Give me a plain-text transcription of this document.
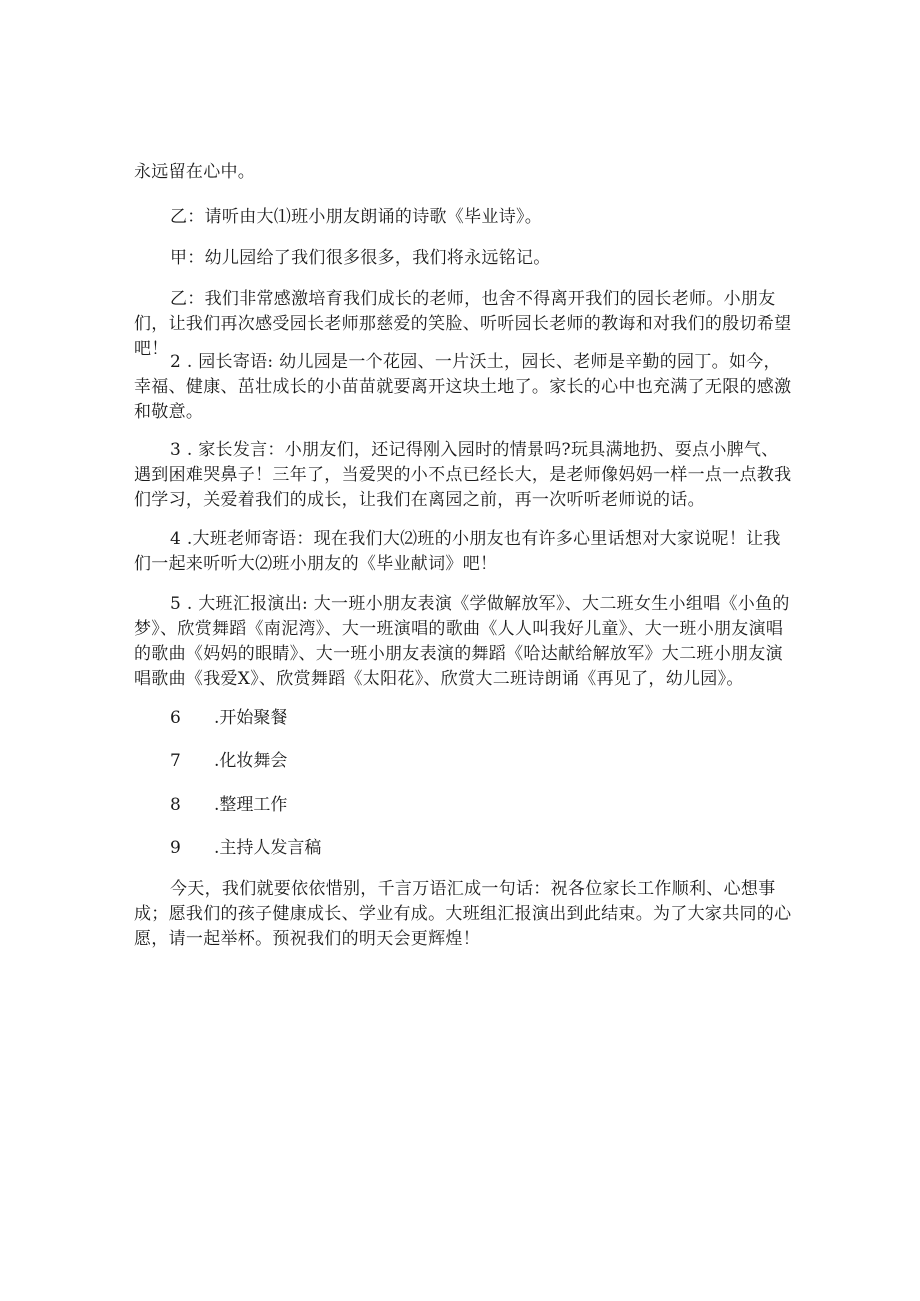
永远留在心中。

乙：请听由大⑴班小朋友朗诵的诗歌《毕业诗》。

甲：幼儿园给了我们很多很多，我们将永远铭记。

乙：我们非常感激培育我们成长的老师，也舍不得离开我们的园长老师。小朋友们，让我们再次感受园长老师那慈爱的笑脸、听听园长老师的教诲和对我们的殷切希望吧！

2 . 园长寄语: 幼儿园是一个花园、一片沃土，园长、老师是辛勤的园丁。如今，幸福、健康、茁壮成长的小苗苗就要离开这块土地了。家长的心中也充满了无限的感激和敬意。

3 . 家长发言：小朋友们，还记得刚入园时的情景吗?玩具满地扔、耍点小脾气、遇到困难哭鼻子！三年了，当爱哭的小不点已经长大，是老师像妈妈一样一点一点教我们学习，关爱着我们的成长，让我们在离园之前，再一次听听老师说的话。

4 .大班老师寄语：现在我们大⑵班的小朋友也有许多心里话想对大家说呢！让我们一起来听听大⑵班小朋友的《毕业献词》吧！

5 . 大班汇报演出: 大一班小朋友表演《学做解放军》、大二班女生小组唱《小鱼的梦》、欣赏舞蹈《南泥湾》、大一班演唱的歌曲《人人叫我好儿童》、大一班小朋友演唱的歌曲《妈妈的眼睛》、大一班小朋友表演的舞蹈《哈达献给解放军》大二班小朋友演唱歌曲《我爱X》、欣赏舞蹈《太阳花》、欣赏大二班诗朗诵《再见了，幼儿园》。

6 .开始聚餐

7 .化妆舞会

8 .整理工作

9 .主持人发言稿

今天，我们就要依依惜别，千言万语汇成一句话：祝各位家长工作顺利、心想事成；愿我们的孩子健康成长、学业有成。大班组汇报演出到此结束。为了大家共同的心愿，请一起举杯。预祝我们的明天会更辉煌！
